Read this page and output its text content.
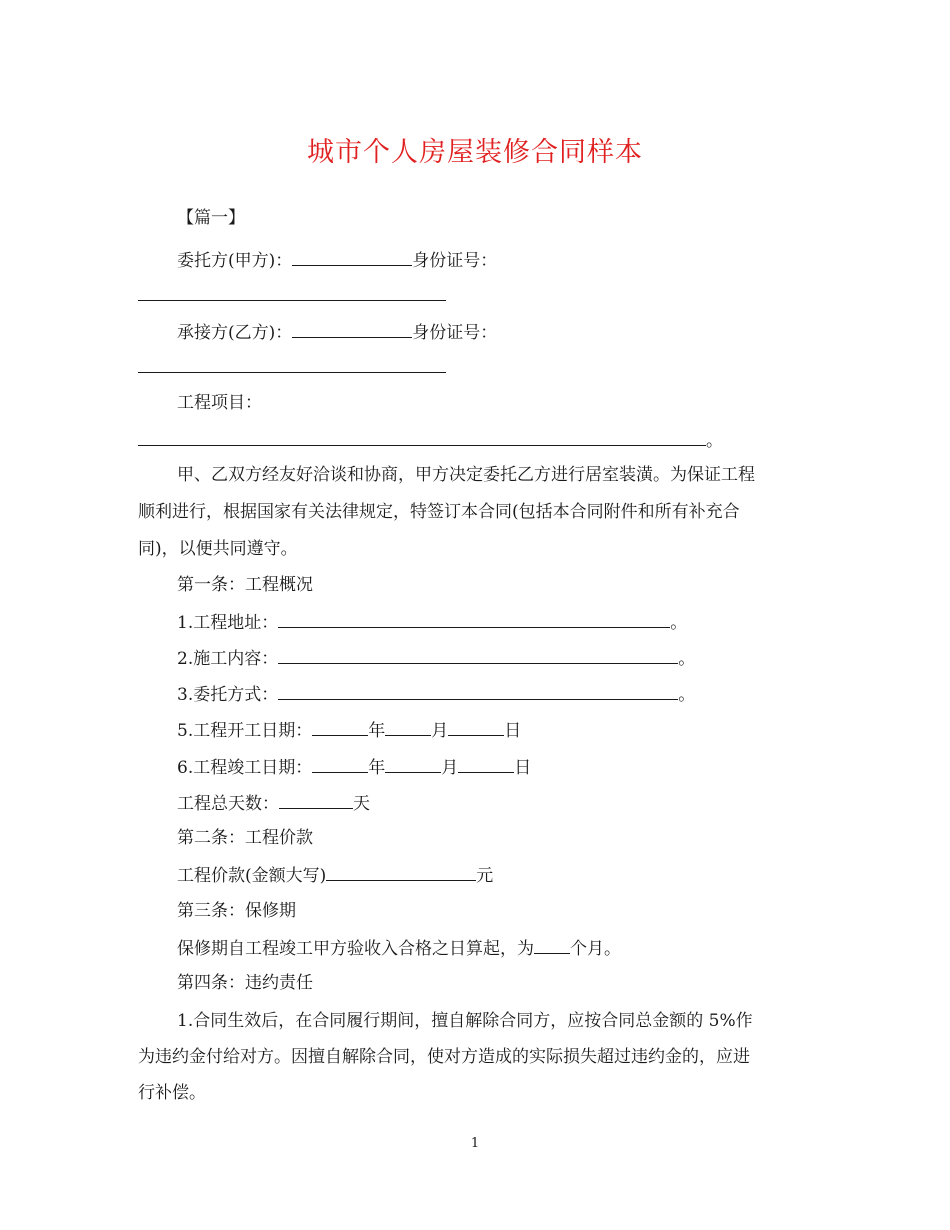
城市个人房屋装修合同样本
【篇一】
委托方(甲方)：	身份证号：
承接方(乙方)：	身份证号：
工程项目：
。
甲、乙双方经友好洽谈和协商，甲方决定委托乙方进行居室装潢。为保证工程
顺利进行，根据国家有关法律规定，特签订本合同(包括本合同附件和所有补充合
同)，以便共同遵守。
第一条：工程概况
1.工程地址：	。
2.施工内容：	。
3.委托方式：	。
5.工程开工日期：	年	月	日
6.工程竣工日期：	年	月	日
工程总天数：	天
第二条：工程价款
工程价款(金额大写)	元
第三条：保修期
保修期自工程竣工甲方验收入合格之日算起，为 个月。
第四条：违约责任
1.合同生效后，在合同履行期间，擅自解除合同方，应按合同总金额的 5%作
为违约金付给对方。因擅自解除合同，使对方造成的实际损失超过违约金的，应进
行补偿。
1
